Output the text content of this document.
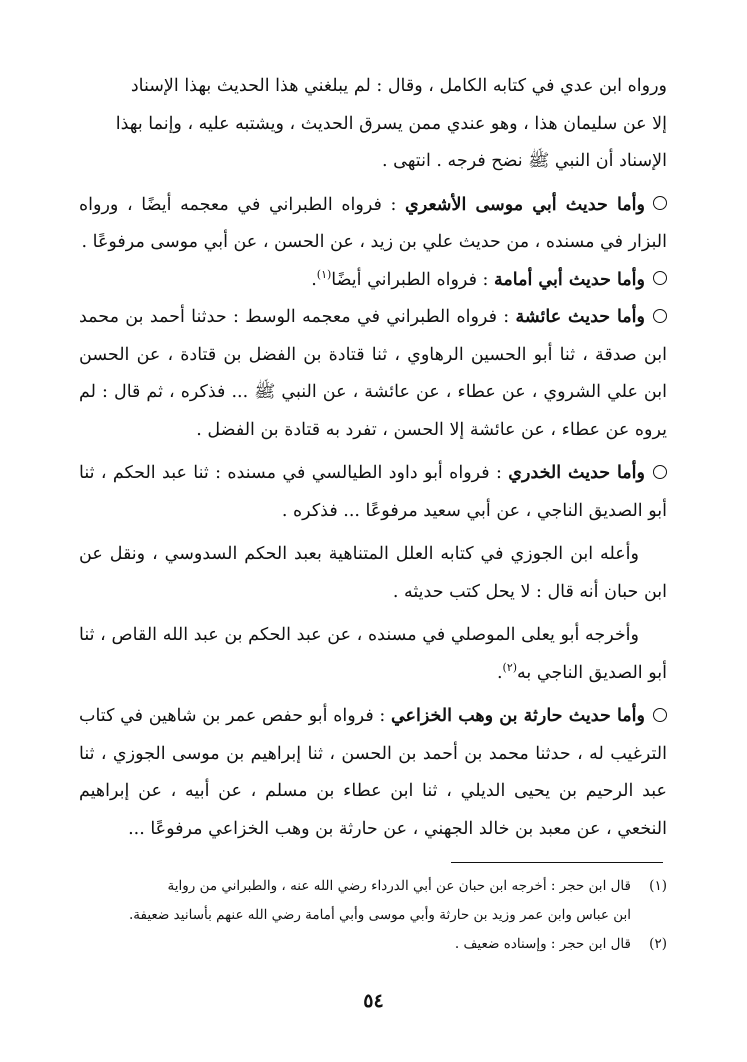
ورواه ابن عدي في كتابه الكامل ، وقال : لم يبلغني هذا الحديث بهذا الإسناد
إلا عن سليمان هذا ، وهو عندي ممن يسرق الحديث ، ويشتبه عليه ، وإنما بهذا
الإسناد أن النبي ﷺ نضح فرجه . انتهى .

وأما حديث أبي موسى الأشعري : فرواه الطبراني في معجمه أيضًا ، ورواه البزار في مسنده ، من حديث علي بن زيد ، عن الحسن ، عن أبي موسى مرفوعًا .

وأما حديث أبي أمامة : فرواه الطبراني أيضًا$^{(١)}$.

وأما حديث عائشة : فرواه الطبراني في معجمه الوسط : حدثنا أحمد بن محمد ابن صدقة ، ثنا أبو الحسين الرهاوي ، ثنا قتادة بن الفضل بن قتادة ، عن الحسن ابن علي الشروي ، عن عطاء ، عن عائشة ، عن النبي ﷺ ... فذكره ، ثم قال : لم يروه عن عطاء ، عن عائشة إلا الحسن ، تفرد به قتادة بن الفضل .

وأما حديث الخدري : فرواه أبو داود الطيالسي في مسنده : ثنا عبد الحكم ، ثنا أبو الصديق الناجي ، عن أبي سعيد مرفوعًا ... فذكره .

وأعله ابن الجوزي في كتابه العلل المتناهية بعبد الحكم السدوسي ، ونقل عن ابن حبان أنه قال : لا يحل كتب حديثه .

وأخرجه أبو يعلى الموصلي في مسنده ، عن عبد الحكم بن عبد الله القاص ، ثنا أبو الصديق الناجي به$^{(٢)}$.

وأما حديث حارثة بن وهب الخزاعي : فرواه أبو حفص عمر بن شاهين في كتاب الترغيب له ، حدثنا محمد بن أحمد بن الحسن ، ثنا إبراهيم بن موسى الجوزي ، ثنا عبد الرحيم بن يحيى الديلي ، ثنا ابن عطاء بن مسلم ، عن أبيه ، عن إبراهيم النخعي ، عن معبد بن خالد الجهني ، عن حارثة بن وهب الخزاعي مرفوعًا ...

(١)
قال ابن حجر : أخرجه ابن حبان عن أبي الدرداء رضي الله عنه ، والطبراني من رواية

ابن عباس وابن عمر وزيد بن حارثة وأبي موسى وأبي أمامة رضي الله عنهم بأسانيد ضعيفة.

(٢)
قال ابن حجر : وإسناده ضعيف .
٥٤
